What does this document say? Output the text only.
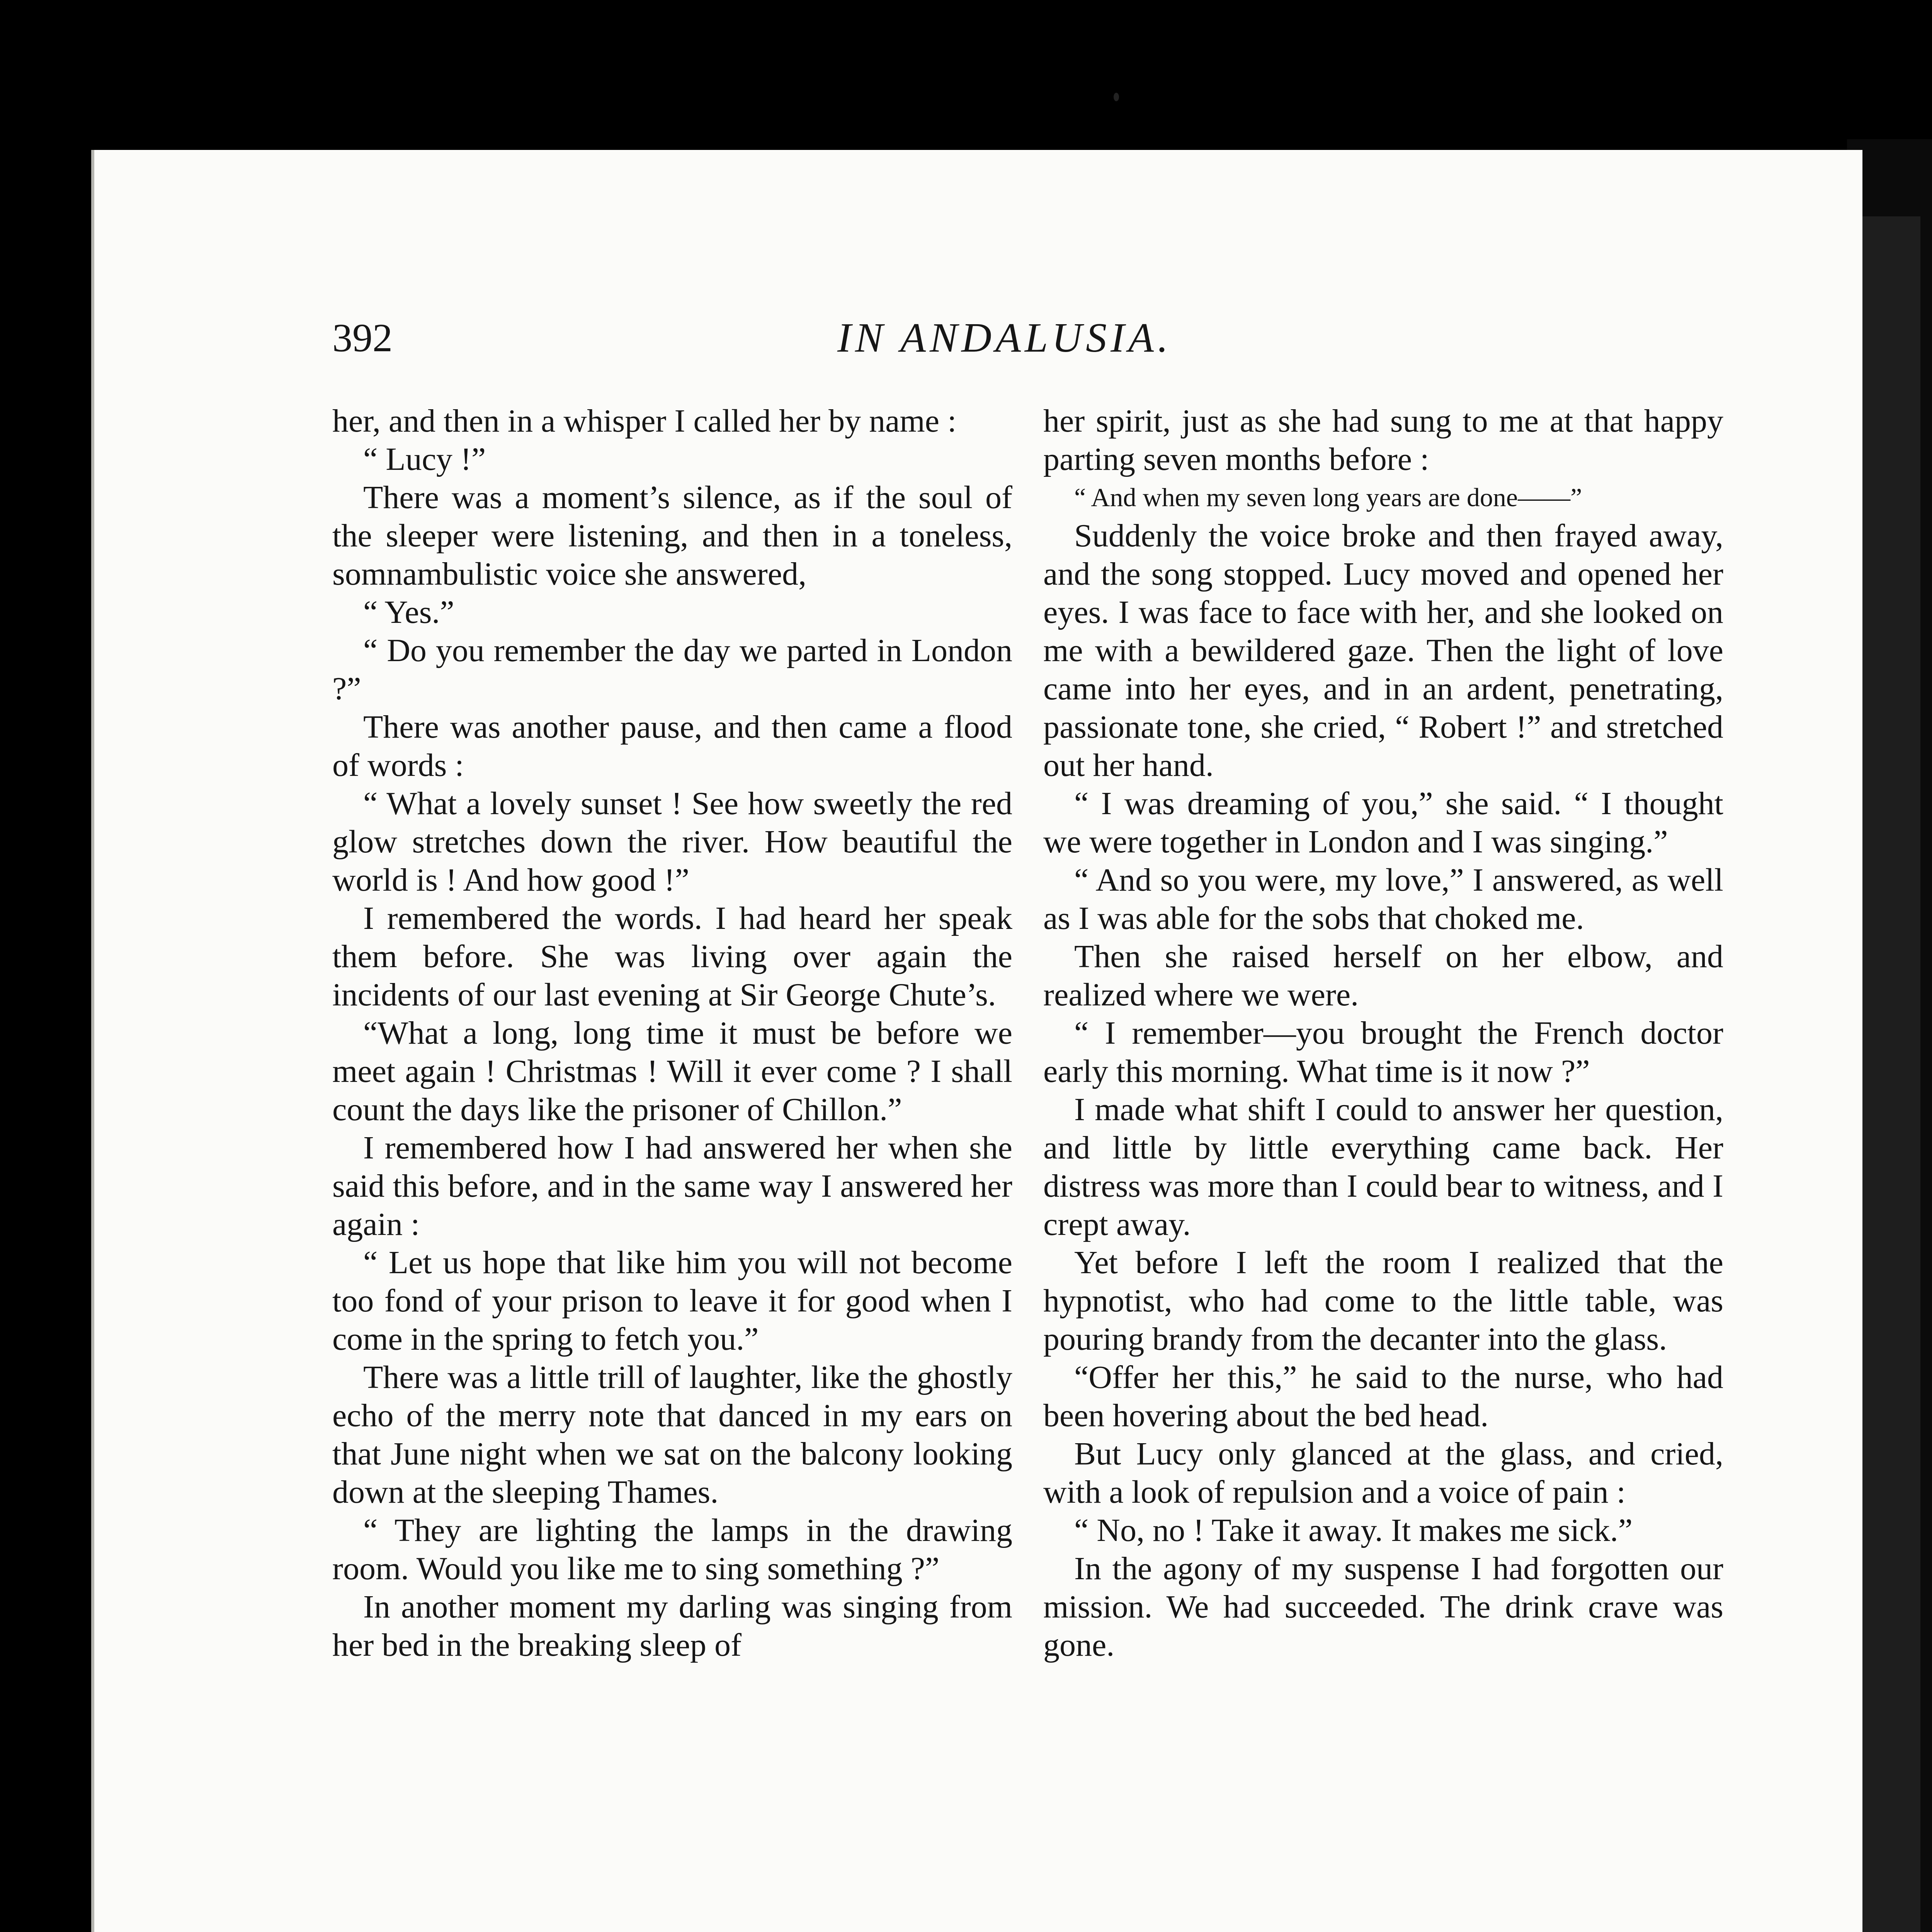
392	IN ANDALUSIA.

her, and then in a whisper I called her by name :

“ Lucy !”

There was a moment’s silence, as if the soul of the sleeper were listening, and then in a toneless, somnambulistic voice she answered,

“ Yes.”

“ Do you remember the day we parted in London ?”

There was another pause, and then came a flood of words :

“ What a lovely sunset ! See how sweetly the red glow stretches down the river. How beautiful the world is ! And how good !”

I remembered the words. I had heard her speak them before. She was living over again the incidents of our last evening at Sir George Chute’s.

“What a long, long time it must be before we meet again ! Christmas ! Will it ever come ? I shall count the days like the prisoner of Chillon.”

I remembered how I had answered her when she said this before, and in the same way I answered her again :

“ Let us hope that like him you will not become too fond of your prison to leave it for good when I come in the spring to fetch you.”

There was a little trill of laughter, like the ghostly echo of the merry note that danced in my ears on that June night when we sat on the balcony looking down at the sleeping Thames.

“ They are lighting the lamps in the drawing room. Would you like me to sing something ?”

In another moment my darling was singing from her bed in the breaking sleep of

her spirit, just as she had sung to me at that happy parting seven months before :

“ And when my seven long years are done——”

Suddenly the voice broke and then frayed away, and the song stopped. Lucy moved and opened her eyes. I was face to face with her, and she looked on me with a bewildered gaze. Then the light of love came into her eyes, and in an ardent, penetrating, passionate tone, she cried, “ Robert !” and stretched out her hand.

“ I was dreaming of you,” she said. “ I thought we were together in London and I was singing.”

“ And so you were, my love,” I answered, as well as I was able for the sobs that choked me.

Then she raised herself on her elbow, and realized where we were.

“ I remember—you brought the French doctor early this morning. What time is it now ?”

I made what shift I could to answer her question, and little by little everything came back. Her distress was more than I could bear to witness, and I crept away.

Yet before I left the room I realized that the hypnotist, who had come to the little table, was pouring brandy from the decanter into the glass.

“Offer her this,” he said to the nurse, who had been hovering about the bed head.

But Lucy only glanced at the glass, and cried, with a look of repulsion and a voice of pain :

“ No, no ! Take it away. It makes me sick.”

In the agony of my suspense I had forgotten our mission. We had succeeded. The drink crave was gone.
